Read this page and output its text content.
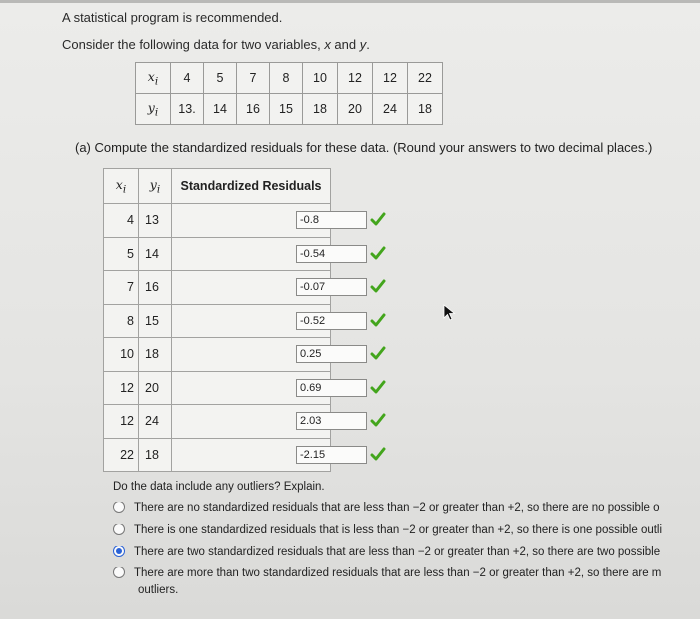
A statistical program is recommended.
Consider the following data for two variables, x and y.
$x_i$	4	5	7	8	10	12	12	22
$y_i$	13.	14	16	15	18	20	24	18
(a) Compute the standardized residuals for these data. (Round your answers to two decimal places.)
$x_i$	$y_i$	Standardized Residuals
4	13	-0.8

5	14	-0.54

7	16	-0.07

8	15	-0.52

10	18	0.25

12	20	0.69

12	24	2.03

22	18	-2.15
Do the data include any outliers? Explain.
There are no standardized residuals that are less than −2 or greater than +2, so there are no possible o
There is one standardized residuals that is less than −2 or greater than +2, so there is one possible outli
There are two standardized residuals that are less than −2 or greater than +2, so there are two possible
There are more than two standardized residuals that are less than −2 or greater than +2, so there are m
outliers.
